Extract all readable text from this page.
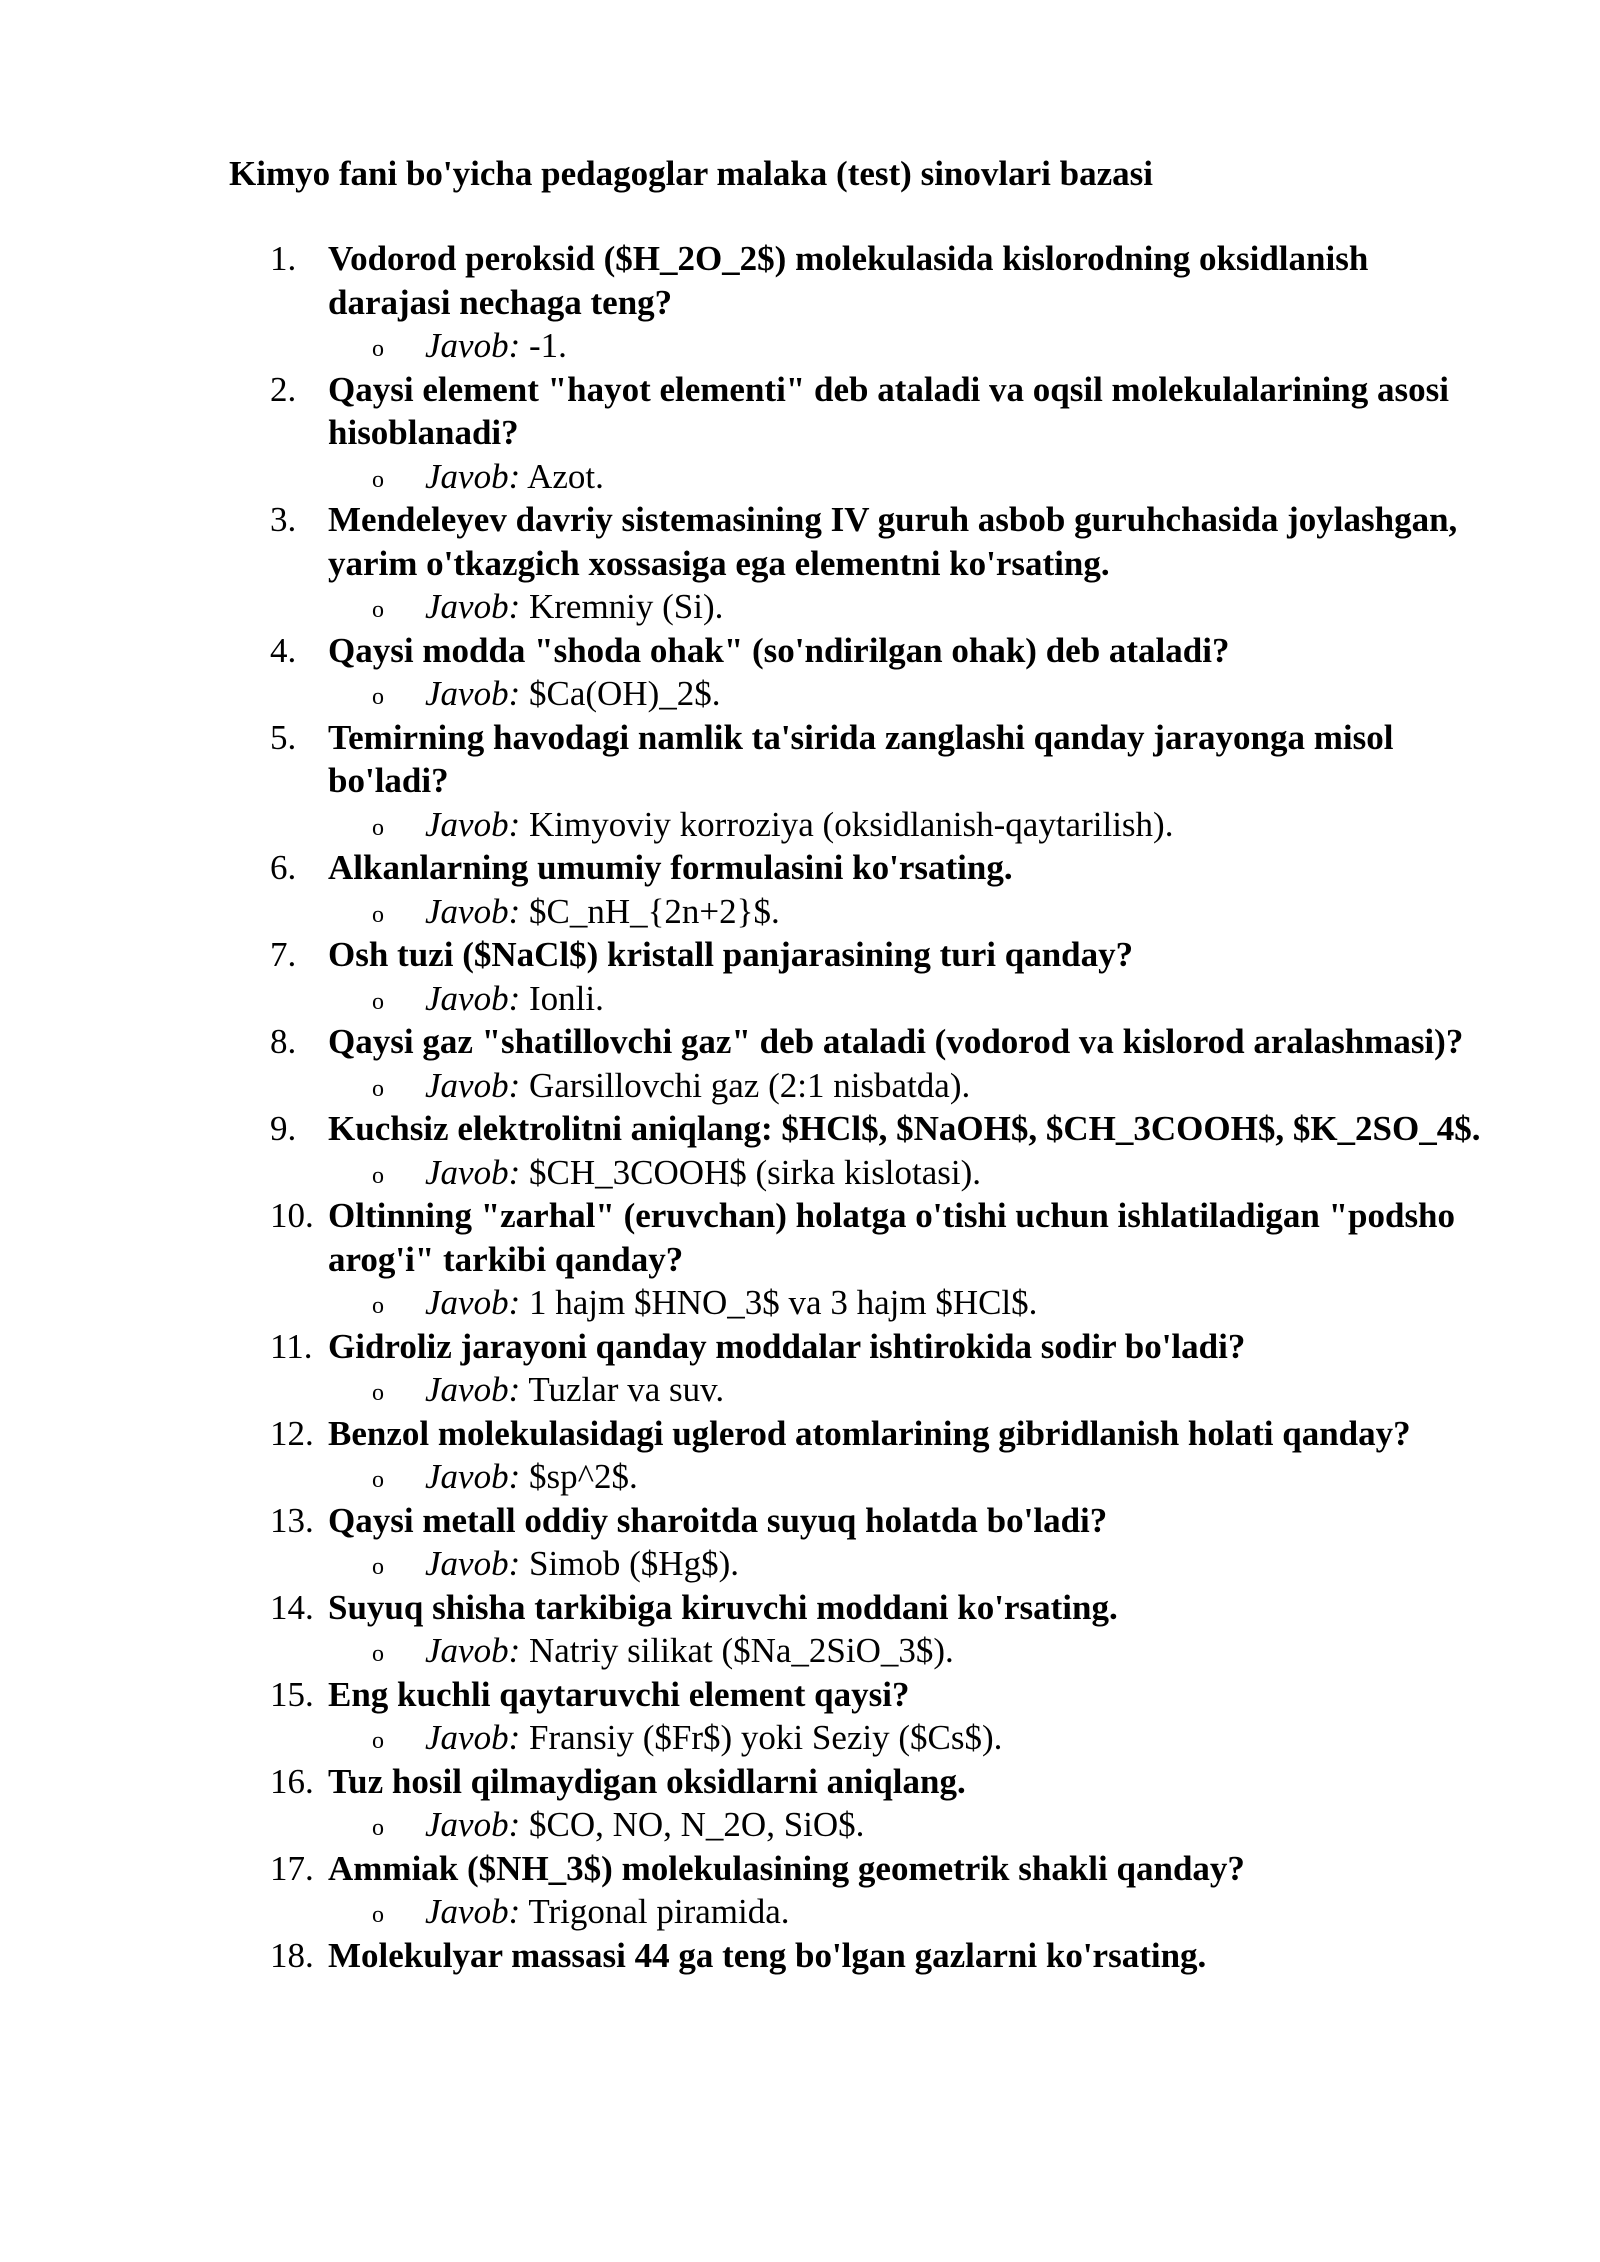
Kimyo fani bo'yicha pedagoglar malaka (test) sinovlari bazasi
1. Vodorod peroksid ($H_2O_2$) molekulasida kislorodning oksidlanish darajasi nechaga teng?
o Javob: -1.
2. Qaysi element "hayot elementi" deb ataladi va oqsil molekulalarining asosi hisoblanadi?
o Javob: Azot.
3. Mendeleyev davriy sistemasining IV guruh asbob guruhchasida joylashgan, yarim o'tkazgich xossasiga ega elementni ko'rsating.
o Javob: Kremniy (Si).
4. Qaysi modda "shoda ohak" (so'ndirilgan ohak) deb ataladi?
o Javob: $Ca(OH)_2$.
5. Temirning havodagi namlik ta'sirida zanglashi qanday jarayonga misol bo'ladi?
o Javob: Kimyoviy korroziya (oksidlanish-qaytarilish).
6. Alkanlarning umumiy formulasini ko'rsating.
o Javob: $C_nH_{2n+2}$.
7. Osh tuzi ($NaCl$) kristall panjarasining turi qanday?
o Javob: Ionli.
8. Qaysi gaz "shatillovchi gaz" deb ataladi (vodorod va kislorod aralashmasi)?
o Javob: Garsillovchi gaz (2:1 nisbatda).
9. Kuchsiz elektrolitni aniqlang: $HCl$, $NaOH$, $CH_3COOH$, $K_2SO_4$.
o Javob: $CH_3COOH$ (sirka kislotasi).
10. Oltinning "zarhal" (eruvchan) holatga o'tishi uchun ishlatiladigan "podsho arog'i" tarkibi qanday?
o Javob: 1 hajm $HNO_3$ va 3 hajm $HCl$.
11. Gidroliz jarayoni qanday moddalar ishtirokida sodir bo'ladi?
o Javob: Tuzlar va suv.
12. Benzol molekulasidagi uglerod atomlarining gibridlanish holati qanday?
o Javob: $sp^2$.
13. Qaysi metall oddiy sharoitda suyuq holatda bo'ladi?
o Javob: Simob ($Hg$).
14. Suyuq shisha tarkibiga kiruvchi moddani ko'rsating.
o Javob: Natriy silikat ($Na_2SiO_3$).
15. Eng kuchli qaytaruvchi element qaysi?
o Javob: Fransiy ($Fr$) yoki Seziy ($Cs$).
16. Tuz hosil qilmaydigan oksidlarni aniqlang.
o Javob: $CO, NO, N_2O, SiO$.
17. Ammiak ($NH_3$) molekulasining geometrik shakli qanday?
o Javob: Trigonal piramida.
18. Molekulyar massasi 44 ga teng bo'lgan gazlarni ko'rsating.
